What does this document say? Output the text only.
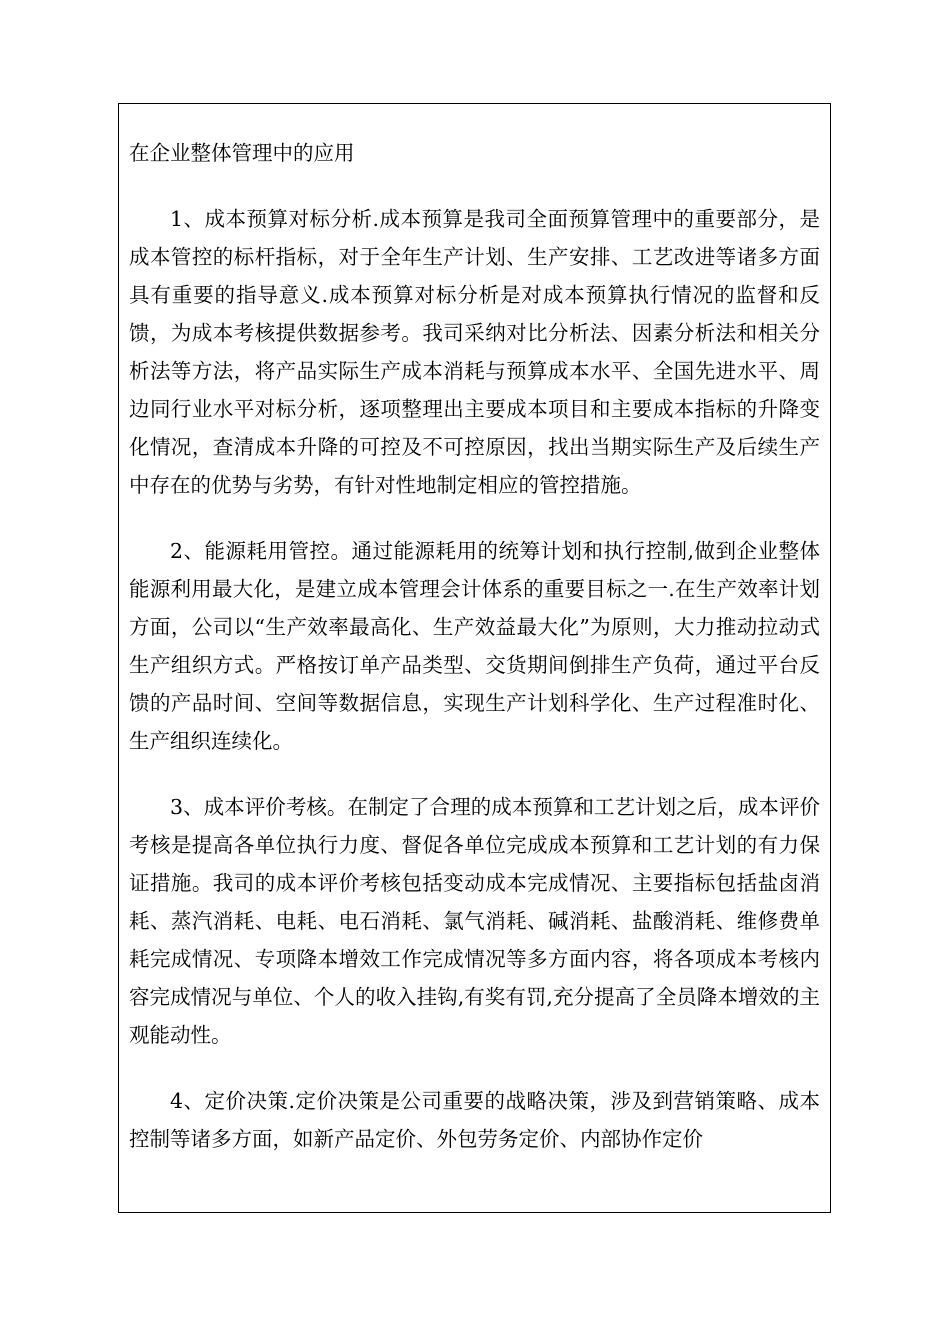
在企业整体管理中的应用

1、成本预算对标分析.成本预算是我司全面预算管理中的重要部分，是成本管控的标杆指标，对于全年生产计划、生产安排、工艺改进等诸多方面具有重要的指导意义.成本预算对标分析是对成本预算执行情况的监督和反馈，为成本考核提供数据参考。我司采纳对比分析法、因素分析法和相关分析法等方法，将产品实际生产成本消耗与预算成本水平、全国先进水平、周边同行业水平对标分析，逐项整理出主要成本项目和主要成本指标的升降变化情况，查清成本升降的可控及不可控原因，找出当期实际生产及后续生产中存在的优势与劣势，有针对性地制定相应的管控措施。

2、能源耗用管控。通过能源耗用的统筹计划和执行控制,做到企业整体能源利用最大化，是建立成本管理会计体系的重要目标之一.在生产效率计划方面，公司以“生产效率最高化、生产效益最大化”为原则，大力推动拉动式生产组织方式。严格按订单产品类型、交货期间倒排生产负荷，通过平台反馈的产品时间、空间等数据信息，实现生产计划科学化、生产过程准时化、生产组织连续化。

3、成本评价考核。在制定了合理的成本预算和工艺计划之后，成本评价考核是提高各单位执行力度、督促各单位完成成本预算和工艺计划的有力保证措施。我司的成本评价考核包括变动成本完成情况、主要指标包括盐卤消耗、蒸汽消耗、电耗、电石消耗、氯气消耗、碱消耗、盐酸消耗、维修费单耗完成情况、专项降本增效工作完成情况等多方面内容，将各项成本考核内容完成情况与单位、个人的收入挂钩,有奖有罚,充分提高了全员降本增效的主观能动性。

4、定价决策.定价决策是公司重要的战略决策，涉及到营销策略、成本控制等诸多方面，如新产品定价、外包劳务定价、内部协作定价
